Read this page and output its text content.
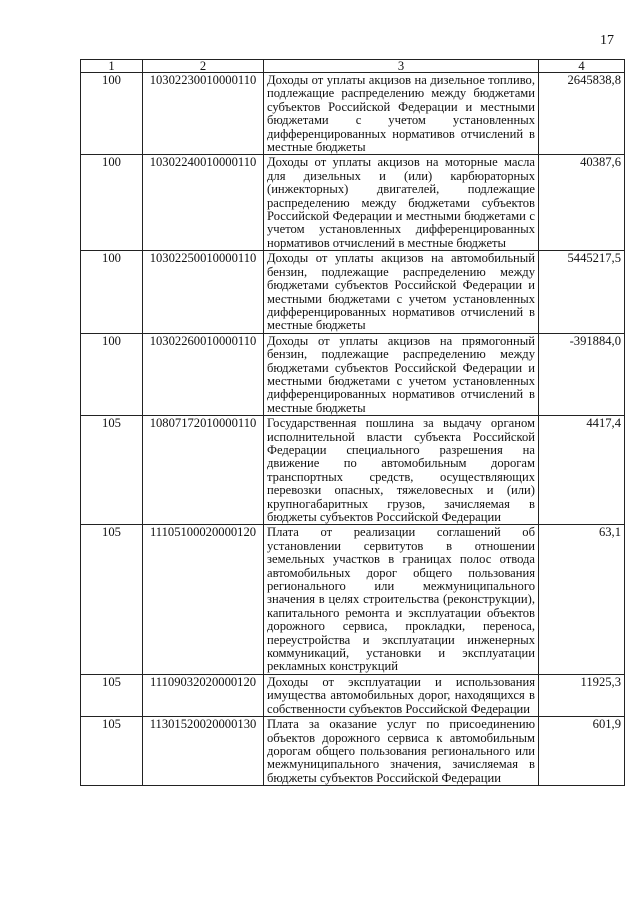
17
1	2	3	4
100	10302230010000110	Доходы от уплаты акцизов на дизельное топливо, подлежащие распределению между бюджетами субъектов Российской Федерации и местными бюджетами с учетом установленных дифференцированных нормативов отчислений в местные бюджеты	2645838,8
100	10302240010000110	Доходы от уплаты акцизов на моторные масла для дизельных и (или) карбюраторных (инжекторных) двигателей, подлежащие распределению между бюджетами субъектов Российской Федерации и местными бюджетами с учетом установленных дифференцированных нормативов отчислений в местные бюджеты	40387,6
100	10302250010000110	Доходы от уплаты акцизов на автомобильный бензин, подлежащие распределению между бюджетами субъектов Российской Федерации и местными бюджетами с учетом установленных дифференцированных нормативов отчислений в местные бюджеты	5445217,5
100	10302260010000110	Доходы от уплаты акцизов на прямогонный бензин, подлежащие распределению между бюджетами субъектов Российской Федерации и местными бюджетами с учетом установленных дифференцированных нормативов отчислений в местные бюджеты	-391884,0
105	10807172010000110	Государственная пошлина за выдачу органом исполнительной власти субъекта Российской Федерации специального разрешения на движение по автомобильным дорогам транспортных средств, осуществляющих перевозки опасных, тяжеловесных и (или) крупногабаритных грузов, зачисляемая в бюджеты субъектов Российской Федерации	4417,4
105	11105100020000120	Плата от реализации соглашений об установлении сервитутов в отношении земельных участков в границах полос отвода автомобильных дорог общего пользования регионального или межмуниципального значения в целях строительства (реконструкции), капитального ремонта и эксплуатации объектов дорожного сервиса, прокладки, переноса, переустройства и эксплуатации инженерных коммуникаций, установки и эксплуатации рекламных конструкций	63,1
105	11109032020000120	Доходы от эксплуатации и использования имущества автомобильных дорог, находящихся в собственности субъектов Российской Федерации	11925,3
105	11301520020000130	Плата за оказание услуг по присоединению объектов дорожного сервиса к автомобильным дорогам общего пользования регионального или межмуниципального значения, зачисляемая в бюджеты субъектов Российской Федерации	601,9
